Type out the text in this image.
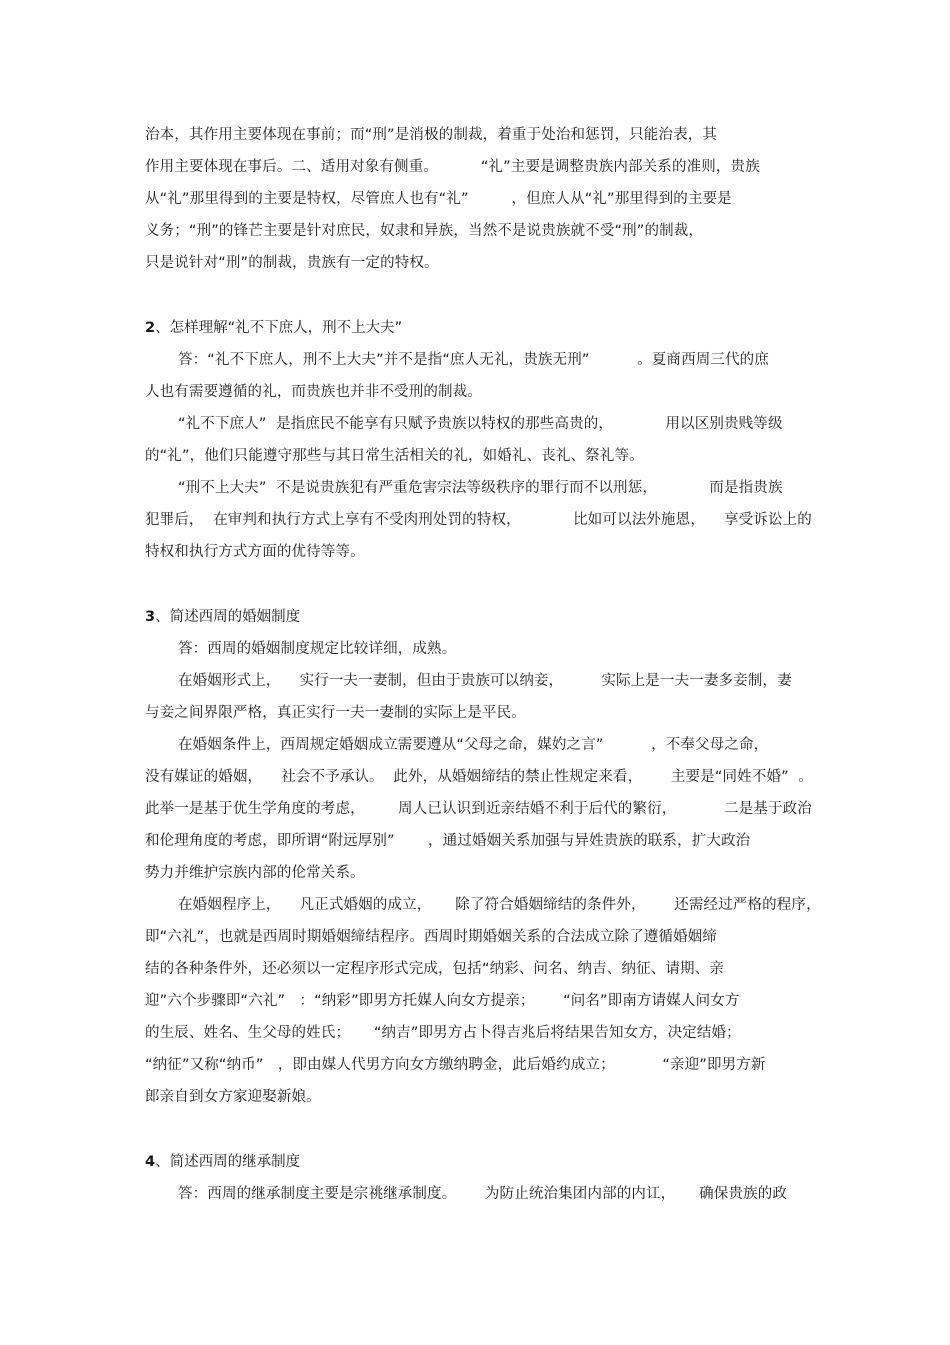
治本，其作用主要体现在事前；而“刑”是消极的制裁，着重于处治和惩罚，只能治表，其
作用主要体现在事后。二、适用对象有侧重。         “礼”主要是调整贵族内部关系的准则，贵族
从“礼”那里得到的主要是特权，尽管庶人也有“礼”         ，但庶人从“礼”那里得到的主要是
义务；“刑”的锋芒主要是针对庶民，奴隶和异族，当然不是说贵族就不受“刑”的制裁，
只是说针对“刑”的制裁，贵族有一定的特权。
2、怎样理解“礼不下庶人，刑不上大夫”
答：“礼不下庶人，刑不上大夫”并不是指“庶人无礼，贵族无刑”          。夏商西周三代的庶
人也有需要遵循的礼，而贵族也并非不受刑的制裁。
“礼不下庶人”  是指庶民不能享有只赋予贵族以特权的那些高贵的，           用以区别贵贱等级
的“礼”，他们只能遵守那些与其日常生活相关的礼，如婚礼、丧礼、祭礼等。
“刑不上大夫”  不是说贵族犯有严重危害宗法等级秩序的罪行而不以刑惩，           而是指贵族
犯罪后，  在审判和执行方式上享有不受肉刑处罚的特权，           比如可以法外施恩，    享受诉讼上的
特权和执行方式方面的优待等等。
3、简述西周的婚姻制度
答：西周的婚姻制度规定比较详细，成熟。
在婚姻形式上，    实行一夫一妻制，但由于贵族可以纳妾，        实际上是一夫一妻多妾制，妻
与妾之间界限严格，真正实行一夫一妻制的实际上是平民。
在婚姻条件上，西周规定婚姻成立需要遵从“父母之命，媒妁之言”          ，不奉父母之命，
没有媒证的婚姻，    社会不予承认。  此外，从婚姻缔结的禁止性规定来看，      主要是“同姓不婚”  。
此举一是基于优生学角度的考虑，       周人已认识到近亲结婚不利于后代的繁衍，          二是基于政治
和伦理角度的考虑，即所谓“附远厚别”       ，通过婚姻关系加强与异姓贵族的联系，扩大政治
势力并维护宗族内部的伦常关系。
在婚姻程序上，    凡正式婚姻的成立，     除了符合婚姻缔结的条件外，      还需经过严格的程序，
即“六礼”，也就是西周时期婚姻缔结程序。西周时期婚姻关系的合法成立除了遵循婚姻缔
结的各种条件外，还必须以一定程序形式完成，包括“纳彩、问名、纳吉、纳征、请期、亲
迎”六个步骤即“六礼”   ：“纳彩”即男方托媒人向女方提亲；      “问名”即南方请媒人问女方
的生辰、姓名、生父母的姓氏；     “纳吉”即男方占卜得吉兆后将结果告知女方，决定结婚；
“纳征”又称“纳币”   ，即由媒人代男方向女方缴纳聘金，此后婚约成立；          “亲迎”即男方新
郎亲自到女方家迎娶新娘。
4、简述西周的继承制度
答：西周的继承制度主要是宗祧继承制度。      为防止统治集团内部的内讧，     确保贵族的政
